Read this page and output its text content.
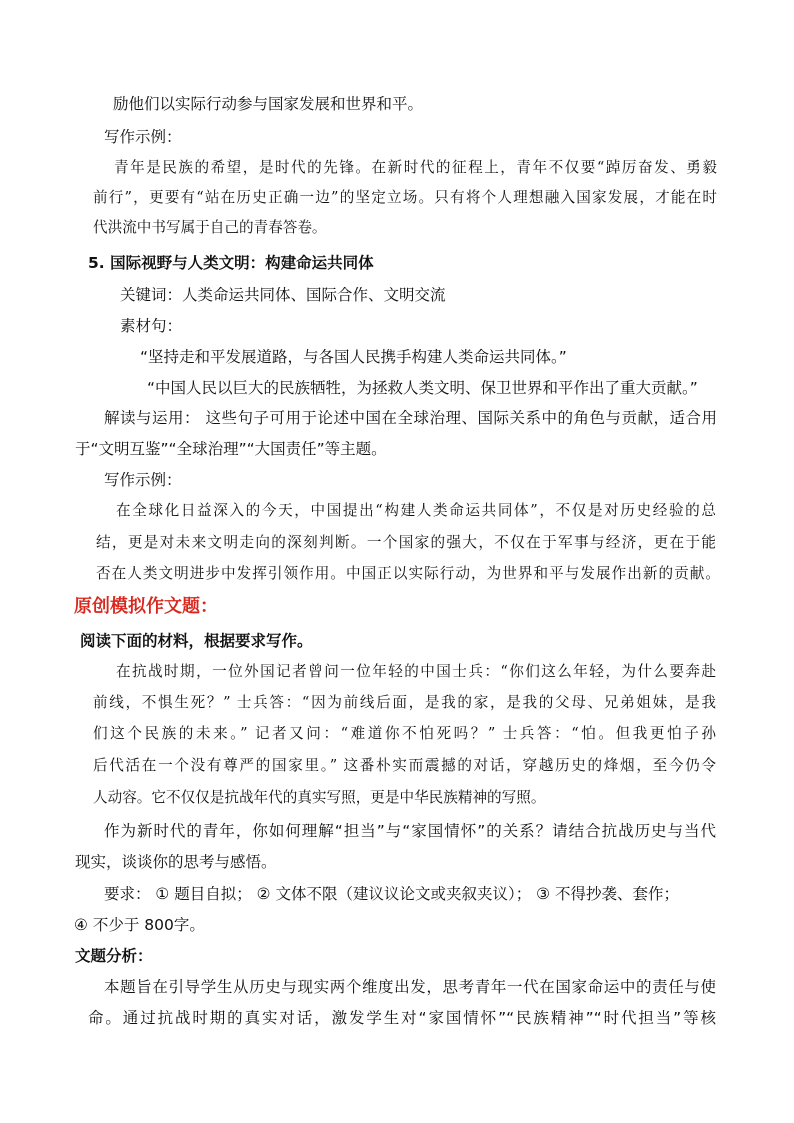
励他们以实际行动参与国家发展和世界和平。
写作示例：
青年是民族的希望，是时代的先锋。在新时代的征程上，青年不仅要“踔厉奋发、勇毅
前行”，更要有“站在历史正确一边”的坚定立场。只有将个人理想融入国家发展，才能在时
代洪流中书写属于自己的青春答卷。
5. 国际视野与人类文明：构建命运共同体
关键词：人类命运共同体、国际合作、文明交流
素材句：
“坚持走和平发展道路，与各国人民携手构建人类命运共同体。”
“中国人民以巨大的民族牺牲，为拯救人类文明、保卫世界和平作出了重大贡献。”
解读与运用： 这些句子可用于论述中国在全球治理、国际关系中的角色与贡献，适合用
于“文明互鉴”“全球治理”“大国责任”等主题。
写作示例：
在全球化日益深入的今天，中国提出“构建人类命运共同体”，不仅是对历史经验的总
结，更是对未来文明走向的深刻判断。一个国家的强大，不仅在于军事与经济，更在于能
否在人类文明进步中发挥引领作用。中国正以实际行动，为世界和平与发展作出新的贡献。
原创模拟作文题：
阅读下面的材料，根据要求写作。
在抗战时期，一位外国记者曾问一位年轻的中国士兵：“你们这么年轻，为什么要奔赴
前线，不惧生死？” 士兵答：“因为前线后面，是我的家，是我的父母、兄弟姐妹，是我
们这个民族的未来。” 记者又问：“难道你不怕死吗？” 士兵答：“怕。但我更怕子孙
后代活在一个没有尊严的国家里。” 这番朴实而震撼的对话，穿越历史的烽烟，至今仍令
人动容。它不仅仅是抗战年代的真实写照，更是中华民族精神的写照。
作为新时代的青年，你如何理解“担当”与“家国情怀”的关系？请结合抗战历史与当代
现实，谈谈你的思考与感悟。
要求： ① 题目自拟； ② 文体不限（建议议论文或夹叙夹议）； ③ 不得抄袭、套作；
④ 不少于 800字。
文题分析：
本题旨在引导学生从历史与现实两个维度出发，思考青年一代在国家命运中的责任与使
命。通过抗战时期的真实对话，激发学生对“家国情怀”“民族精神”“时代担当”等核
